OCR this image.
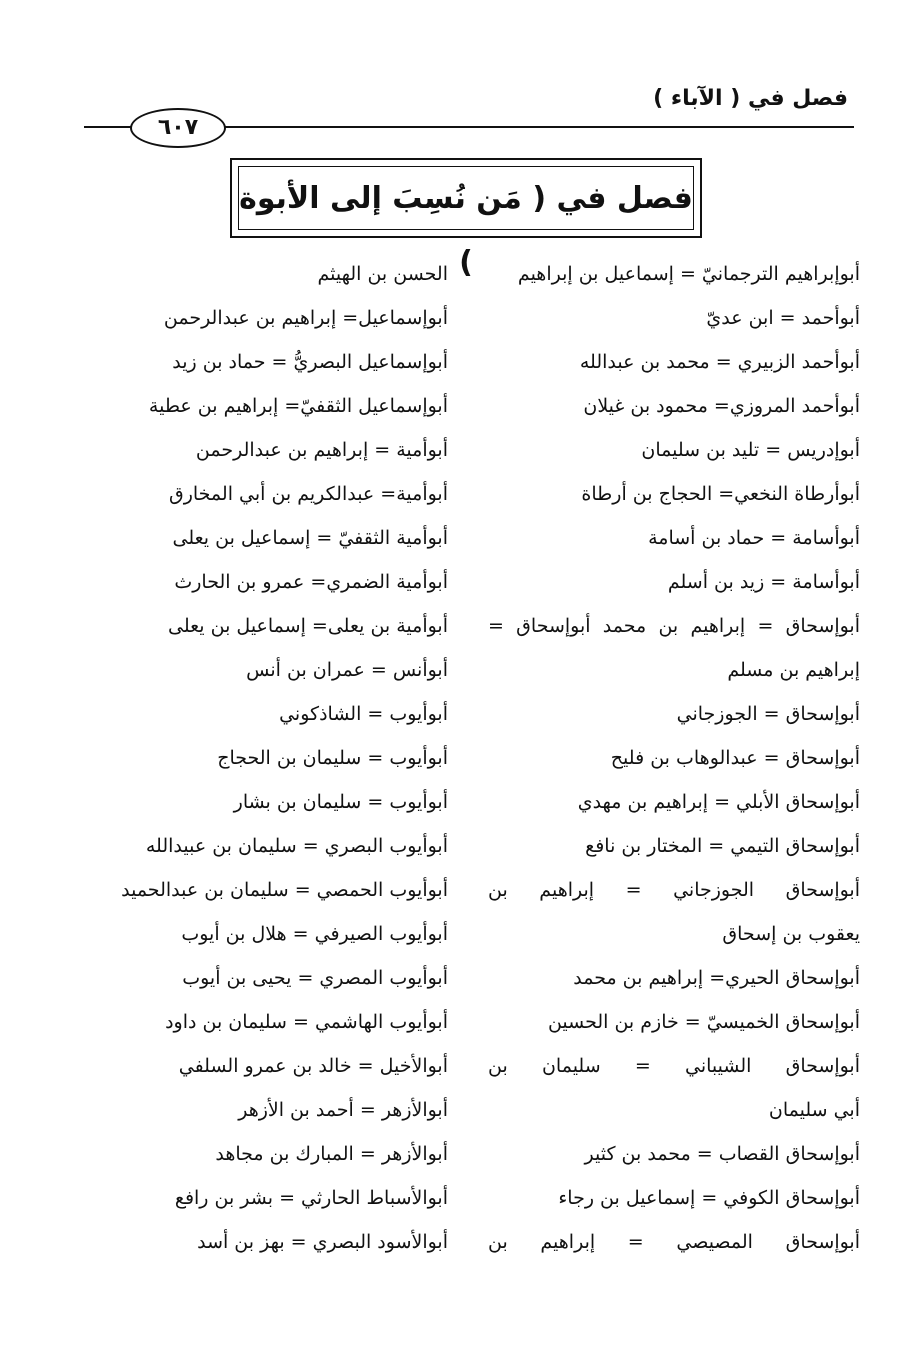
فصل في ( الآباء )
٦٠٧
فصل في ( مَن نُسِبَ إلى الأبوة )	أبوإبراهيم الترجمانيّ = إسماعيل بن إبراهيم
أبوأحمد = ابن عديّ
أبوأحمد الزبيري = محمد بن عبدالله
أبوأحمد المروزي= محمود بن غيلان
أبوإدريس = تليد بن سليمان
أبوأرطاة النخعي= الحجاج بن أرطاة
أبوأسامة = حماد بن أسامة
أبوأسامة = زيد بن أسلم
أبوإسحاق = إبراهيم بن محمد أبوإسحاق =
إبراهيم بن مسلم
أبوإسحاق = الجوزجاني
أبوإسحاق = عبدالوهاب بن فليح
أبوإسحاق الأبلي = إبراهيم بن مهدي
أبوإسحاق التيمي = المختار بن نافع
أبوإسحاق الجوزجاني = إبراهيم بن
يعقوب بن إسحاق
أبوإسحاق الحيري= إبراهيم بن محمد
أبوإسحاق الخميسيّ = خازم بن الحسين
أبوإسحاق الشيباني = سليمان بن
أبي سليمان
أبوإسحاق القصاب = محمد بن كثير
أبوإسحاق الكوفي = إسماعيل بن رجاء
أبوإسحاق المصيصي = إبراهيم بن
الحسن بن الهيثم
أبوإسماعيل= إبراهيم بن عبدالرحمن
أبوإسماعيل البصريُّ = حماد بن زيد
أبوإسماعيل الثقفيّ= إبراهيم بن عطية
أبوأمية = إبراهيم بن عبدالرحمن
أبوأمية= عبدالكريم بن أبي المخارق
أبوأمية الثقفيّ = إسماعيل بن يعلى
أبوأمية الضمري= عمرو بن الحارث
أبوأمية بن يعلى= إسماعيل بن يعلى
أبوأنس = عمران بن أنس
أبوأيوب = الشاذكوني
أبوأيوب = سليمان بن الحجاج
أبوأيوب = سليمان بن بشار
أبوأيوب البصري = سليمان بن عبيدالله
أبوأيوب الحمصي = سليمان بن عبدالحميد
أبوأيوب الصيرفي = هلال بن أيوب
أبوأيوب المصري = يحيى بن أيوب
أبوأيوب الهاشمي = سليمان بن داود
أبوالأخيل = خالد بن عمرو السلفي
أبوالأزهر = أحمد بن الأزهر
أبوالأزهر = المبارك بن مجاهد
أبوالأسباط الحارثي = بشر بن رافع
أبوالأسود البصري = بهز بن أسد
